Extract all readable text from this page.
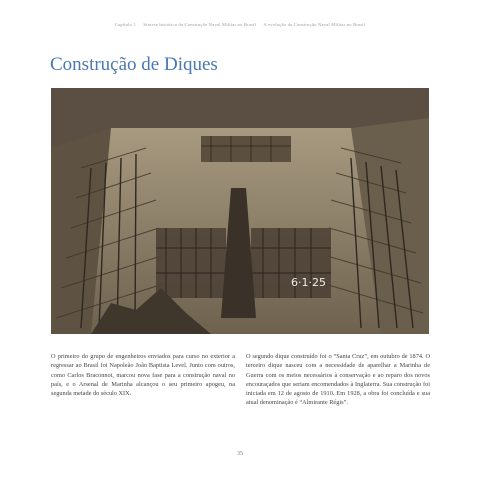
Capítulo 1 Síntese histórica da Construção Naval Militar no Brasil A evolução da Construção Naval Militar no Brasil
Construção de Diques
6·1·25

O primeiro do grupo de engenheiros enviados para curso no exterior a regressar ao Brasil foi Napoleão João Baptista Level. Junto com outros, como Carlos Braconnot, marcou nova fase para a construção naval no país, e o Arsenal de Marinha alcançou o seu primeiro apogeu, na segunda metade do século XIX.

O segundo dique construído foi o “Santa Cruz”, em outubro de 1874. O terceiro dique nasceu com a necessidade de aparelhar a Marinha de Guerra com os meios necessários à conservação e ao reparo dos novos encouraçados que seriam encomendados à Inglaterra. Sua construção foi iniciada em 12 de agosto de 1910. Em 1928, a obra foi concluída e sua atual denominação é “Almirante Régis”.

35
